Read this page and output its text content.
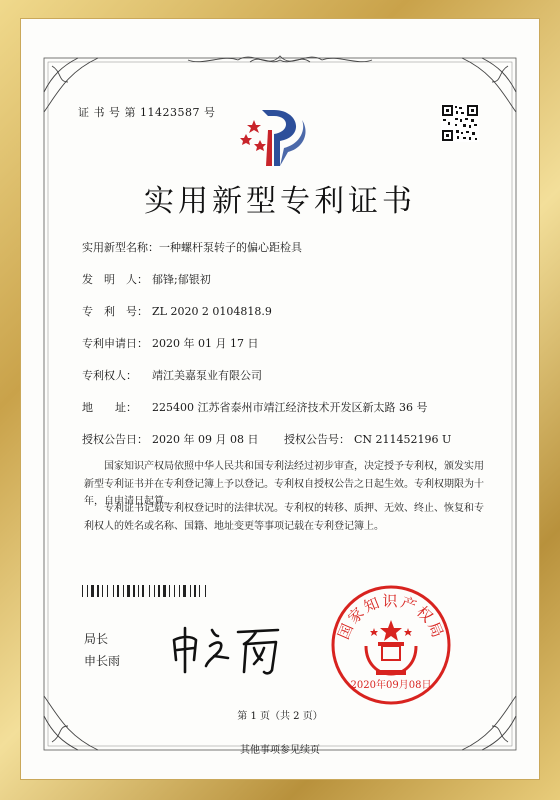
证 书 号 第 11423587 号
实用新型专利证书
实用新型名称：一种螺杆泵转子的偏心距检具
发　明　人： 郁锋;郁银初
专　利　号： ZL 2020 2 0104818.9
专利申请日： 2020 年 01 月 17 日
专利权人： 靖江美嘉泵业有限公司
地　　址： 225400 江苏省泰州市靖江经济技术开发区新太路 36 号
授权公告日： 2020 年 09 月 08 日 授权公告号： CN 211452196 U
国家知识产权局依照中华人民共和国专利法经过初步审查，决定授予专利权，颁发实用新型专利证书并在专利登记簿上予以登记。专利权自授权公告之日起生效。专利权期限为十年，自申请日起算。
专利证书记载专利权登记时的法律状况。专利权的转移、质押、无效、终止、恢复和专利权人的姓名或名称、国籍、地址变更等事项记载在专利登记簿上。
局长
申长雨
国家知识产权局
2020年09月08日
第 1 页（共 2 页）
其他事项参见续页
